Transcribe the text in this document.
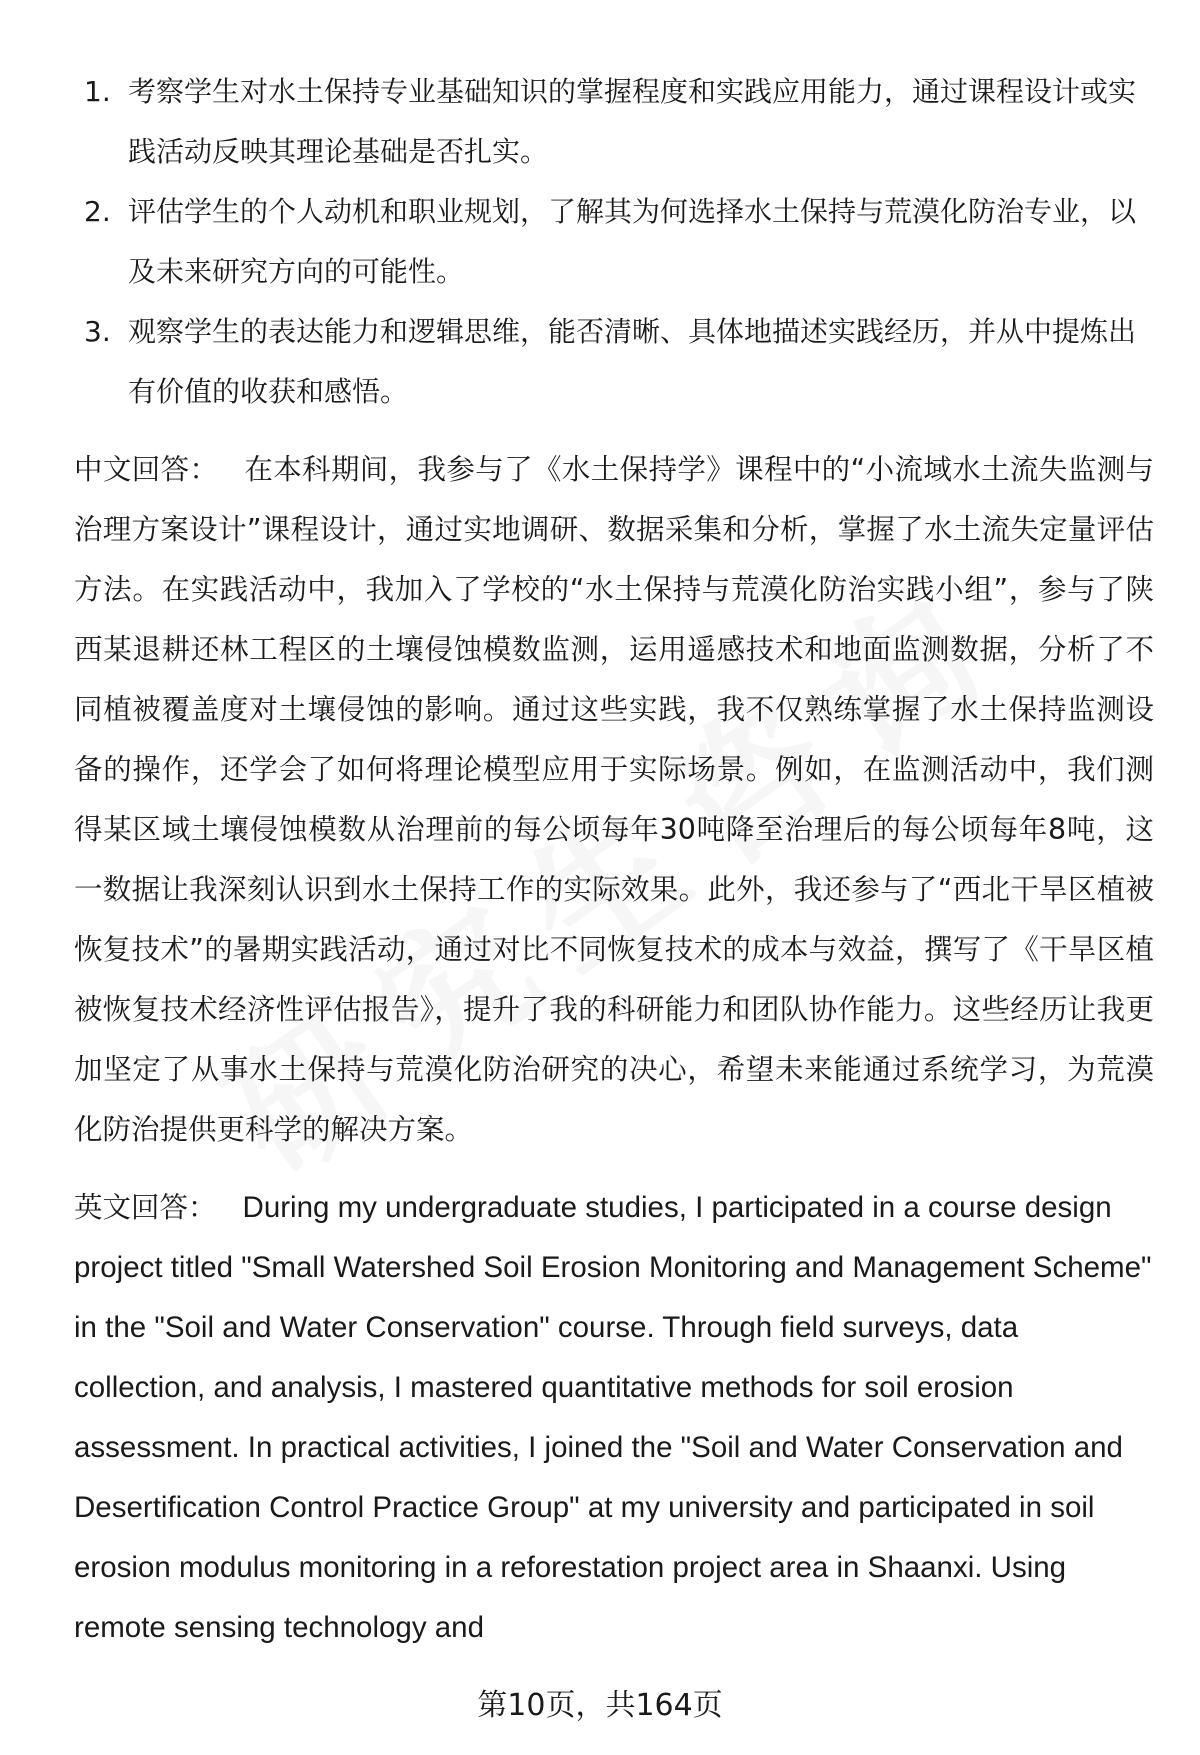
1. 考察学生对水土保持专业基础知识的掌握程度和实践应用能力，通过课程设计或实践活动反映其理论基础是否扎实。
2. 评估学生的个人动机和职业规划，了解其为何选择水土保持与荒漠化防治专业，以及未来研究方向的可能性。
3. 观察学生的表达能力和逻辑思维，能否清晰、具体地描述实践经历，并从中提炼出有价值的收获和感悟。

中文回答： 在本科期间，我参与了《水土保持学》课程中的“小流域水土流失监测与治理方案设计”课程设计，通过实地调研、数据采集和分析，掌握了水土流失定量评估方法。在实践活动中，我加入了学校的“水土保持与荒漠化防治实践小组”，参与了陕西某退耕还林工程区的土壤侵蚀模数监测，运用遥感技术和地面监测数据，分析了不同植被覆盖度对土壤侵蚀的影响。通过这些实践，我不仅熟练掌握了水土保持监测设备的操作，还学会了如何将理论模型应用于实际场景。例如，在监测活动中，我们测得某区域土壤侵蚀模数从治理前的每公顷每年30吨降至治理后的每公顷每年8吨，这一数据让我深刻认识到水土保持工作的实际效果。此外，我还参与了“西北干旱区植被恢复技术”的暑期实践活动，通过对比不同恢复技术的成本与效益，撰写了《干旱区植被恢复技术经济性评估报告》，提升了我的科研能力和团队协作能力。这些经历让我更加坚定了从事水土保持与荒漠化防治研究的决心，希望未来能通过系统学习，为荒漠化防治提供更科学的解决方案。

英文回答： During my undergraduate studies, I participated in a course design project titled "Small Watershed Soil Erosion Monitoring and Management Scheme" in the "Soil and Water Conservation" course. Through field surveys, data collection, and analysis, I mastered quantitative methods for soil erosion assessment. In practical activities, I joined the "Soil and Water Conservation and Desertification Control Practice Group" at my university and participated in soil erosion modulus monitoring in a reforestation project area in Shaanxi. Using remote sensing technology and

第10页，共164页
